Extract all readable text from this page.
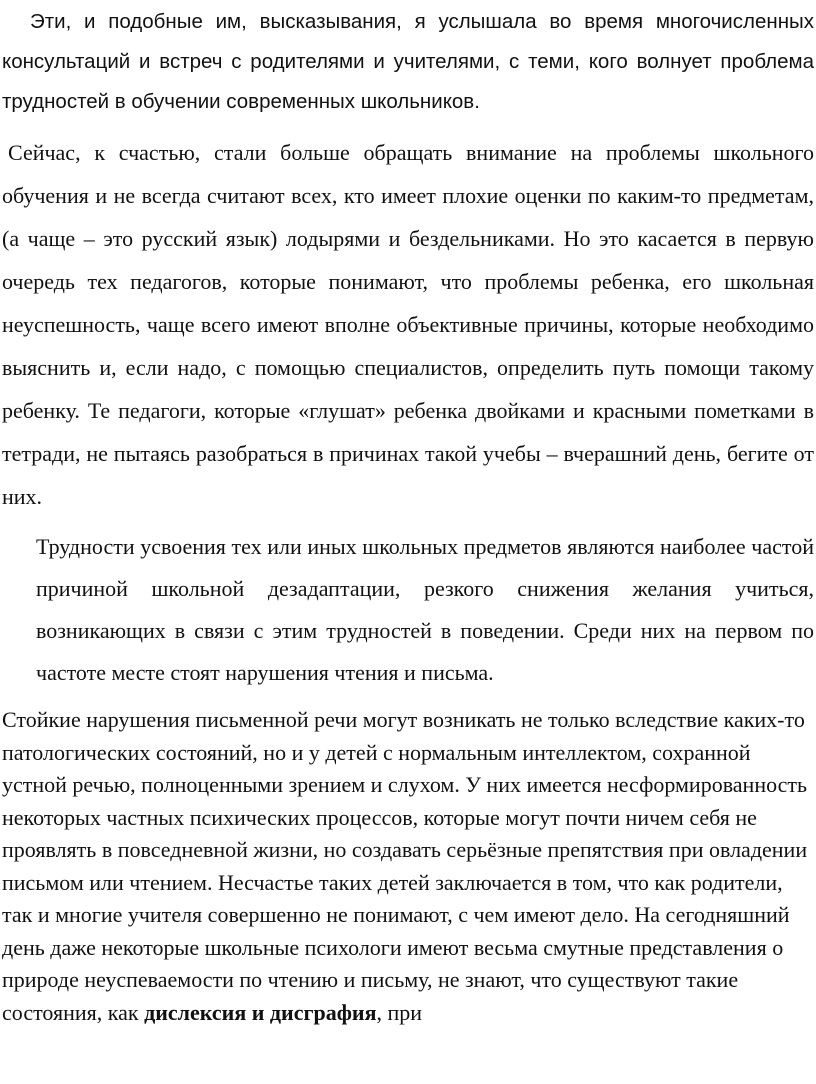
Эти, и подобные им, высказывания, я услышала во время многочисленных консультаций и встреч с родителями и учителями, с теми, кого волнует проблема трудностей в обучении современных школьников.

Сейчас, к счастью, стали больше обращать внимание на проблемы школьного обучения и не всегда считают всех, кто имеет плохие оценки по каким-то предметам, (а чаще – это русский язык) лодырями и бездельниками. Но это касается в первую очередь тех педагогов, которые понимают, что проблемы ребенка, его школьная неуспешность, чаще всего имеют вполне объективные причины, которые необходимо выяснить и, если надо, с помощью специалистов, определить путь помощи такому ребенку. Те педагоги, которые «глушат» ребенка двойками и красными пометками в тетради, не пытаясь разобраться в причинах такой учебы – вчерашний день, бегите от них.

Трудности усвоения тех или иных школьных предметов являются наиболее частой причиной школьной дезадаптации, резкого снижения желания учиться, возникающих в связи с этим трудностей в поведении. Среди них на первом по частоте месте стоят нарушения чтения и письма.

Стойкие нарушения письменной речи могут возникать не только вследствие каких-то патологических состояний, но и у детей с нормальным интеллектом, сохранной устной речью, полноценными зрением и слухом. У них имеется несформированность некоторых частных психических процессов, которые могут почти ничем себя не проявлять в повседневной жизни, но создавать серьёзные препятствия при овладении письмом или чтением. Несчастье таких детей заключается в том, что как родители, так и многие учителя совершенно не понимают, с чем имеют дело. На сегодняшний день даже некоторые школьные психологи имеют весьма смутные представления о природе неуспеваемости по чтению и письму, не знают, что существуют такие состояния, как дислексия и дисграфия, при
